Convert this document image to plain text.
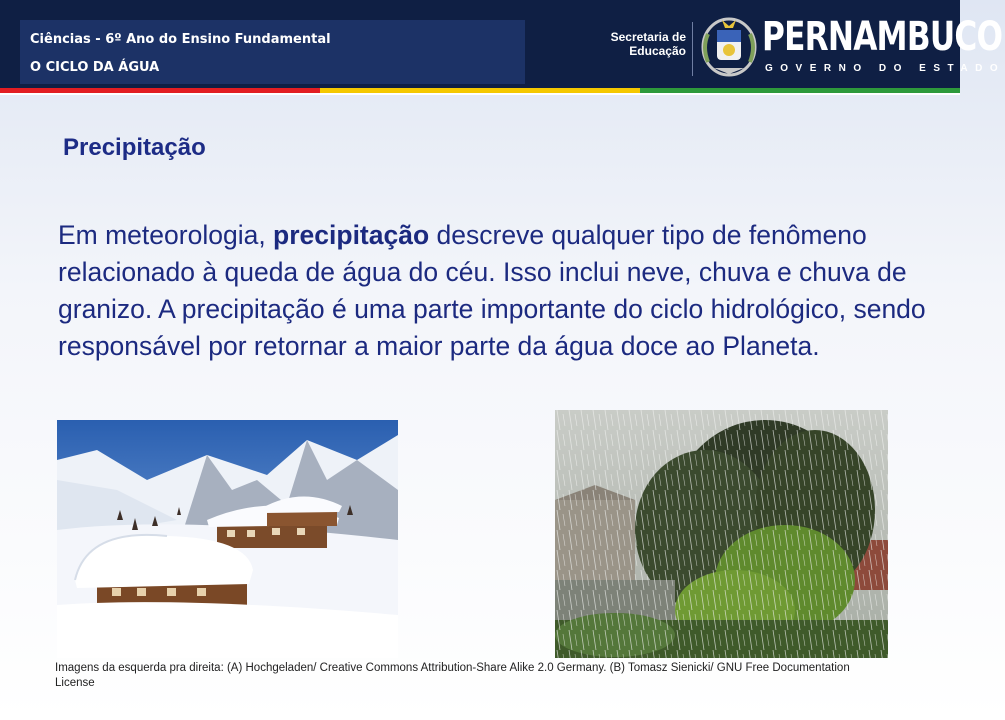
Ciências - 6º Ano do Ensino Fundamental
O CICLO DA ÁGUA
Secretaria de
Educação PERNAMBUCO
GOVERNO DO ESTADO
Precipitação
Em meteorologia, precipitação descreve qualquer tipo de fenômeno relacionado à queda de água do céu. Isso inclui neve, chuva e chuva de granizo. A precipitação é uma parte importante do ciclo hidrológico, sendo responsável por retornar a maior parte da água doce ao Planeta.
Imagens da esquerda pra direita: (A) Hochgeladen/ Creative Commons Attribution-Share Alike 2.0 Germany. (B) Tomasz Sienicki/ GNU Free Documentation License
